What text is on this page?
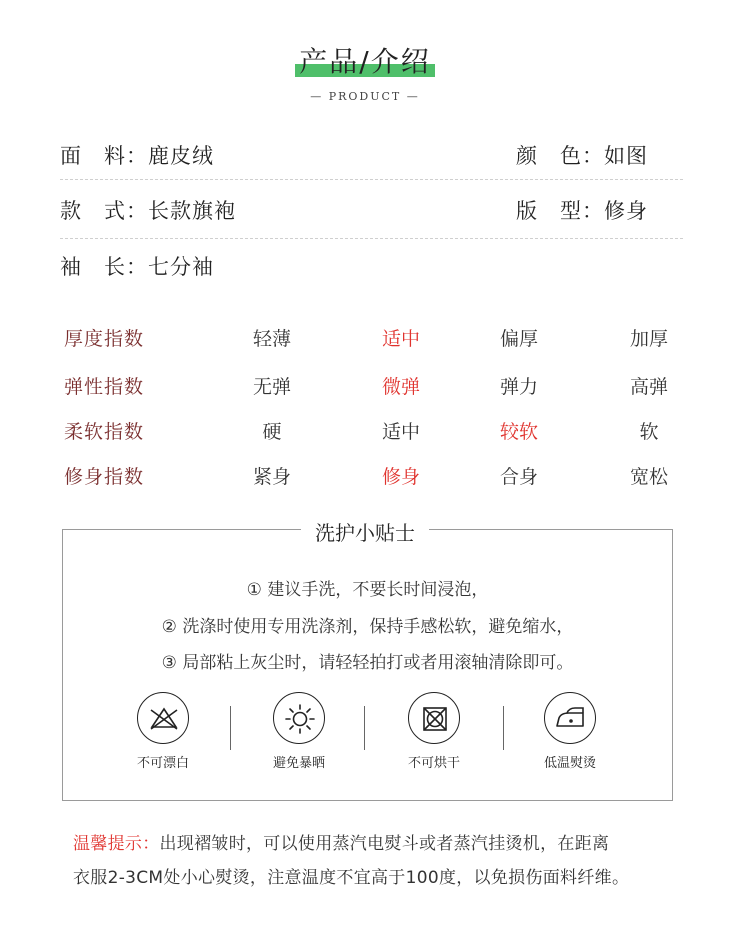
产品/介绍
— PRODUCT —
面　料：鹿皮绒	颜　色：如图
款　式：长款旗袍	版　型：修身
袖　长：七分袖
厚度指数	轻薄	适中	偏厚	加厚
弹性指数	无弹	微弹	弹力	高弹
柔软指数	硬	适中	较软	软
修身指数	紧身	修身	合身	宽松
洗护小贴士
① 建议手洗，不要长时间浸泡，
② 洗涤时使用专用洗涤剂，保持手感松软，避免缩水，
③ 局部粘上灰尘时，请轻轻拍打或者用滚轴清除即可。
不可漂白	避免暴晒	不可烘干	低温熨烫
温馨提示：出现褶皱时，可以使用蒸汽电熨斗或者蒸汽挂烫机，在距离
衣服2-3CM处小心熨烫，注意温度不宜高于100度，以免损伤面料纤维。
